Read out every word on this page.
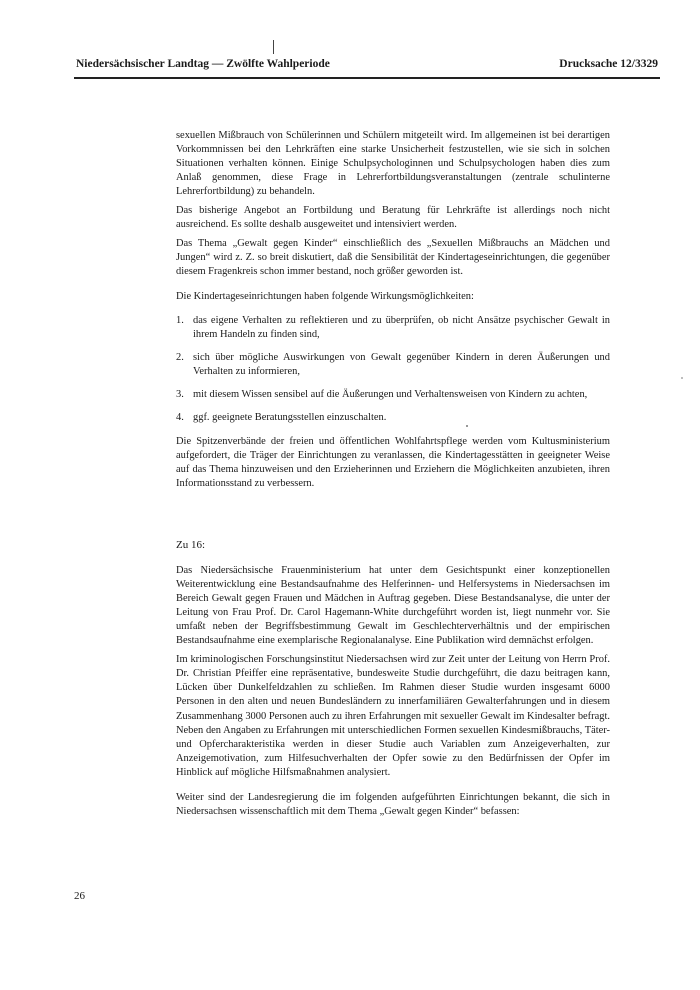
Niedersächsischer Landtag — Zwölfte Wahlperiode	Drucksache 12/3329

sexuellen Mißbrauch von Schülerinnen und Schülern mitgeteilt wird. Im allgemeinen ist bei derartigen Vorkommnissen bei den Lehrkräften eine starke Unsicherheit festzustellen, wie sie sich in solchen Situationen verhalten können. Einige Schulpsychologinnen und Schulpsychologen haben dies zum Anlaß genommen, diese Frage in Lehrerfortbildungsveranstaltungen (zentrale schulinterne Lehrerfortbildung) zu behandeln.

Das bisherige Angebot an Fortbildung und Beratung für Lehrkräfte ist allerdings noch nicht ausreichend. Es sollte deshalb ausgeweitet und intensiviert werden.

Das Thema „Gewalt gegen Kinder“ einschließlich des „Sexuellen Mißbrauchs an Mädchen und Jungen“ wird z. Z. so breit diskutiert, daß die Sensibilität der Kindertageseinrichtungen, die gegenüber diesem Fragenkreis schon immer bestand, noch größer geworden ist.

Die Kindertageseinrichtungen haben folgende Wirkungsmöglichkeiten:

1. das eigene Verhalten zu reflektieren und zu überprüfen, ob nicht Ansätze psychischer Gewalt in ihrem Handeln zu finden sind,
2. sich über mögliche Auswirkungen von Gewalt gegenüber Kindern in deren Äußerungen und Verhalten zu informieren,
3. mit diesem Wissen sensibel auf die Äußerungen und Verhaltensweisen von Kindern zu achten,
4. ggf. geeignete Beratungsstellen einzuschalten.

Die Spitzenverbände der freien und öffentlichen Wohlfahrtspflege werden vom Kultusministerium aufgefordert, die Träger der Einrichtungen zu veranlassen, die Kindertagesstätten in geeigneter Weise auf das Thema hinzuweisen und den Erzieherinnen und Erziehern die Möglichkeiten anzubieten, ihren Informationsstand zu verbessern.

Zu 16:

Das Niedersächsische Frauenministerium hat unter dem Gesichtspunkt einer konzeptionellen Weiterentwicklung eine Bestandsaufnahme des Helferinnen- und Helfersystems in Niedersachsen im Bereich Gewalt gegen Frauen und Mädchen in Auftrag gegeben. Diese Bestandsanalyse, die unter der Leitung von Frau Prof. Dr. Carol Hagemann-White durchgeführt worden ist, liegt nunmehr vor. Sie umfaßt neben der Begriffsbestimmung Gewalt im Geschlechterverhältnis und der empirischen Bestandsaufnahme eine exemplarische Regionalanalyse. Eine Publikation wird demnächst erfolgen.

Im kriminologischen Forschungsinstitut Niedersachsen wird zur Zeit unter der Leitung von Herrn Prof. Dr. Christian Pfeiffer eine repräsentative, bundesweite Studie durchgeführt, die dazu beitragen kann, Lücken über Dunkelfeldzahlen zu schließen. Im Rahmen dieser Studie wurden insgesamt 6000 Personen in den alten und neuen Bundesländern zu innerfamiliären Gewalterfahrungen und in diesem Zusammenhang 3000 Personen auch zu ihren Erfahrungen mit sexueller Gewalt im Kindesalter befragt. Neben den Angaben zu Erfahrungen mit unterschiedlichen Formen sexuellen Kindesmißbrauchs, Täter- und Opfercharakteristika werden in dieser Studie auch Variablen zum Anzeigeverhalten, zur Anzeigemotivation, zum Hilfesuchverhalten der Opfer sowie zu den Bedürfnissen der Opfer im Hinblick auf mögliche Hilfsmaßnahmen analysiert.

Weiter sind der Landesregierung die im folgenden aufgeführten Einrichtungen bekannt, die sich in Niedersachsen wissenschaftlich mit dem Thema „Gewalt gegen Kinder“ befassen:

26
